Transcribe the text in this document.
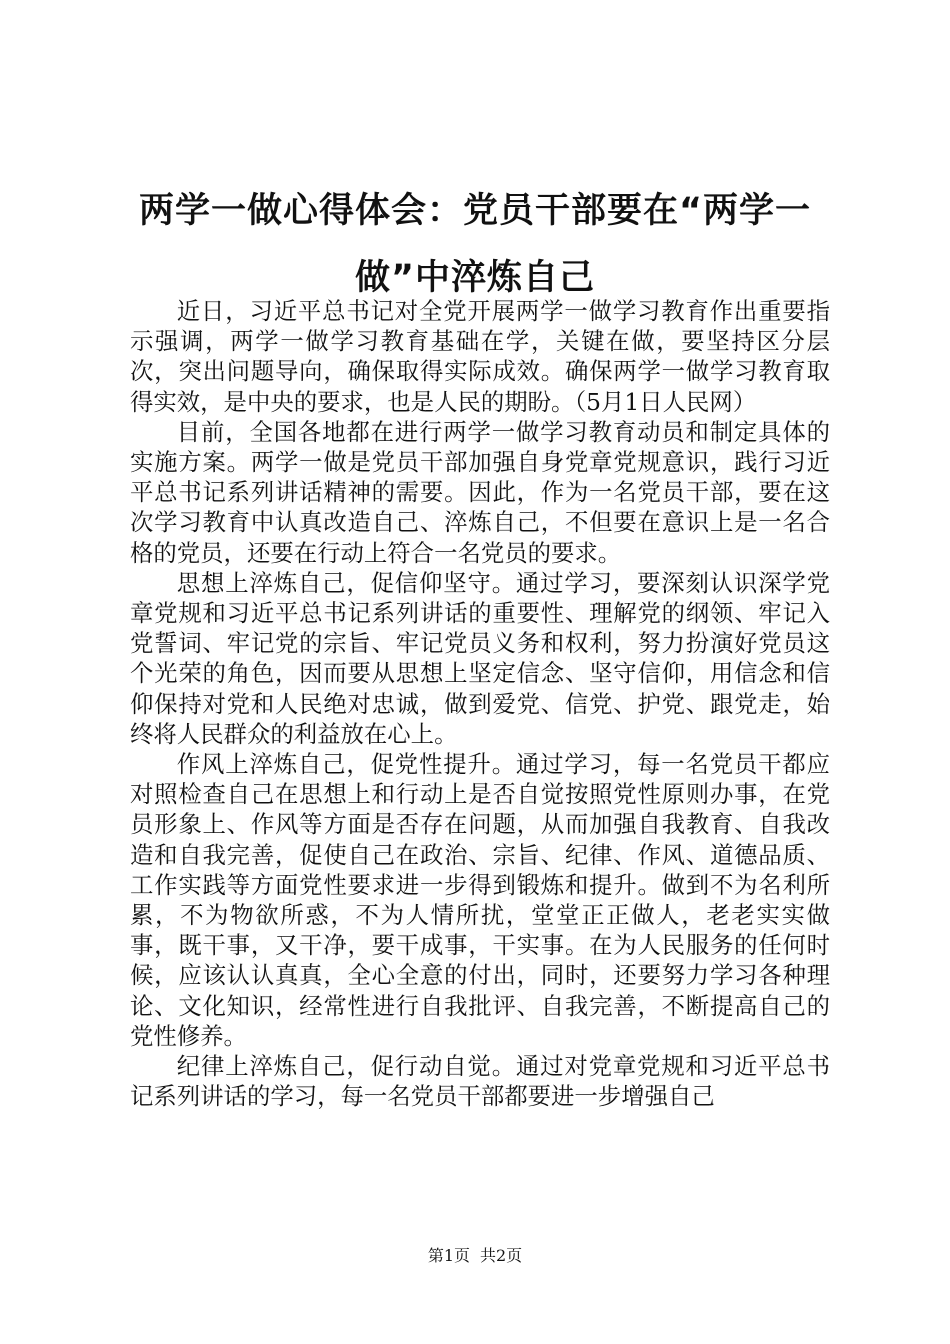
两学一做心得体会：党员干部要在“两学一
做”中淬炼自己

近日，习近平总书记对全党开展两学一做学习教育作出重要指示强调，两学一做学习教育基础在学，关键在做，要坚持区分层次，突出问题导向，确保取得实际成效。确保两学一做学习教育取得实效，是中央的要求，也是人民的期盼。（5月1日人民网）

目前，全国各地都在进行两学一做学习教育动员和制定具体的实施方案。两学一做是党员干部加强自身党章党规意识，践行习近平总书记系列讲话精神的需要。因此，作为一名党员干部，要在这次学习教育中认真改造自己、淬炼自己，不但要在意识上是一名合格的党员，还要在行动上符合一名党员的要求。

思想上淬炼自己，促信仰坚守。通过学习，要深刻认识深学党章党规和习近平总书记系列讲话的重要性、理解党的纲领、牢记入党誓词、牢记党的宗旨、牢记党员义务和权利，努力扮演好党员这个光荣的角色，因而要从思想上坚定信念、坚守信仰，用信念和信仰保持对党和人民绝对忠诚，做到爱党、信党、护党、跟党走，始终将人民群众的利益放在心上。

作风上淬炼自己，促党性提升。通过学习，每一名党员干都应对照检查自己在思想上和行动上是否自觉按照党性原则办事，在党员形象上、作风等方面是否存在问题，从而加强自我教育、自我改造和自我完善，促使自己在政治、宗旨、纪律、作风、道德品质、工作实践等方面党性要求进一步得到锻炼和提升。做到不为名利所累，不为物欲所惑，不为人情所扰，堂堂正正做人，老老实实做事，既干事，又干净，要干成事，干实事。在为人民服务的任何时候，应该认认真真，全心全意的付出，同时，还要努力学习各种理论、文化知识，经常性进行自我批评、自我完善，不断提高自己的党性修养。

纪律上淬炼自己，促行动自觉。通过对党章党规和习近平总书记系列讲话的学习，每一名党员干部都要进一步增强自己

第1页 共2页
